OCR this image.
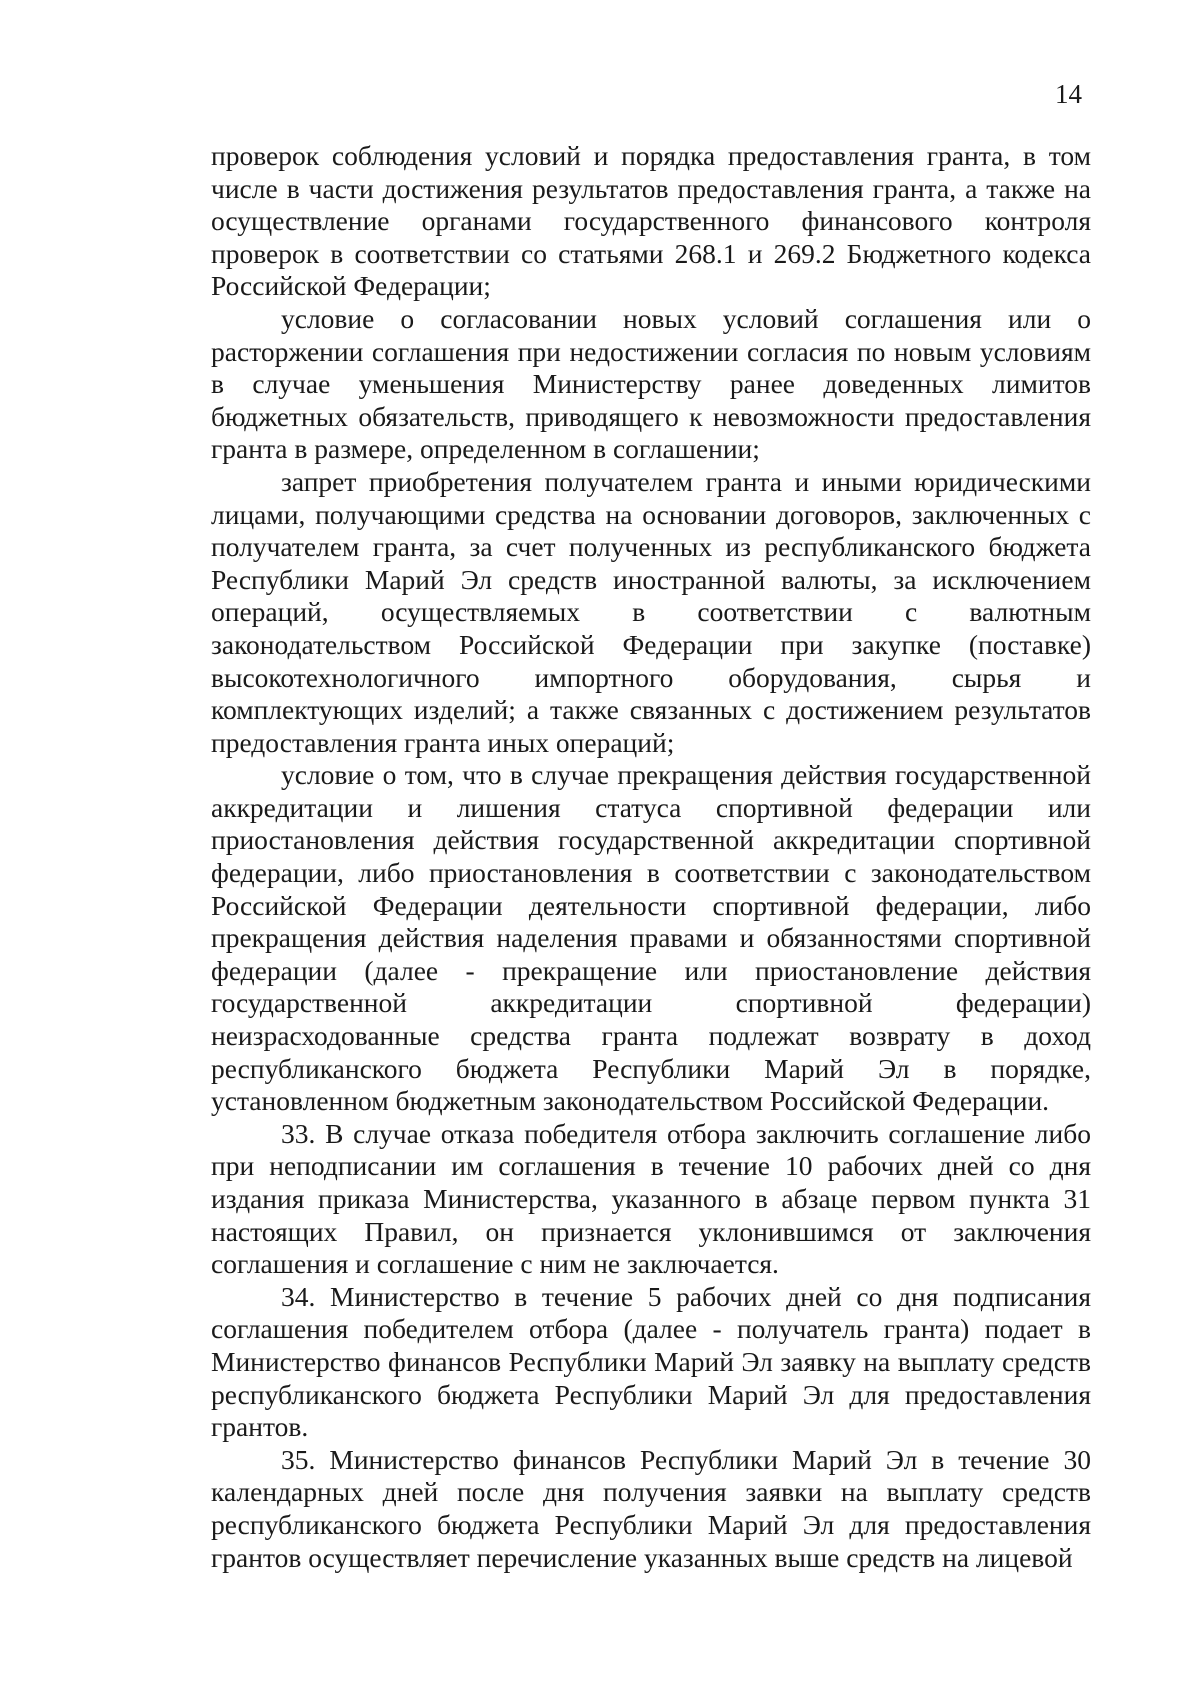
14

проверок соблюдения условий и порядка предоставления гранта, в том числе в части достижения результатов предоставления гранта, а также на осуществление органами государственного финансового контроля проверок в соответствии со статьями 268.1 и 269.2 Бюджетного кодекса Российской Федерации;

условие о согласовании новых условий соглашения или о расторжении соглашения при недостижении согласия по новым условиям в случае уменьшения Министерству ранее доведенных лимитов бюджетных обязательств, приводящего к невозможности предоставления гранта в размере, определенном в соглашении;

запрет приобретения получателем гранта и иными юридическими лицами, получающими средства на основании договоров, заключенных с получателем гранта, за счет полученных из республиканского бюджета Республики Марий Эл средств иностранной валюты, за исключением операций, осуществляемых в соответствии с валютным законодательством Российской Федерации при закупке (поставке) высокотехнологичного импортного оборудования, сырья и комплектующих изделий; а также связанных с достижением результатов предоставления гранта иных операций;

условие о том, что в случае прекращения действия государственной аккредитации и лишения статуса спортивной федерации или приостановления действия государственной аккредитации спортивной федерации, либо приостановления в соответствии с законодательством Российской Федерации деятельности спортивной федерации, либо прекращения действия наделения правами и обязанностями спортивной федерации (далее - прекращение или приостановление действия государственной аккредитации спортивной федерации) неизрасходованные средства гранта подлежат возврату в доход республиканского бюджета Республики Марий Эл в порядке, установленном бюджетным законодательством Российской Федерации.

33. В случае отказа победителя отбора заключить соглашение либо при неподписании им соглашения в течение 10 рабочих дней со дня издания приказа Министерства, указанного в абзаце первом пункта 31 настоящих Правил, он признается уклонившимся от заключения соглашения и соглашение с ним не заключается.

34. Министерство в течение 5 рабочих дней со дня подписания соглашения победителем отбора (далее - получатель гранта) подает в Министерство финансов Республики Марий Эл заявку на выплату средств республиканского бюджета Республики Марий Эл для предоставления грантов.

35. Министерство финансов Республики Марий Эл в течение 30 календарных дней после дня получения заявки на выплату средств республиканского бюджета Республики Марий Эл для предоставления грантов осуществляет перечисление указанных выше средств на лицевой
